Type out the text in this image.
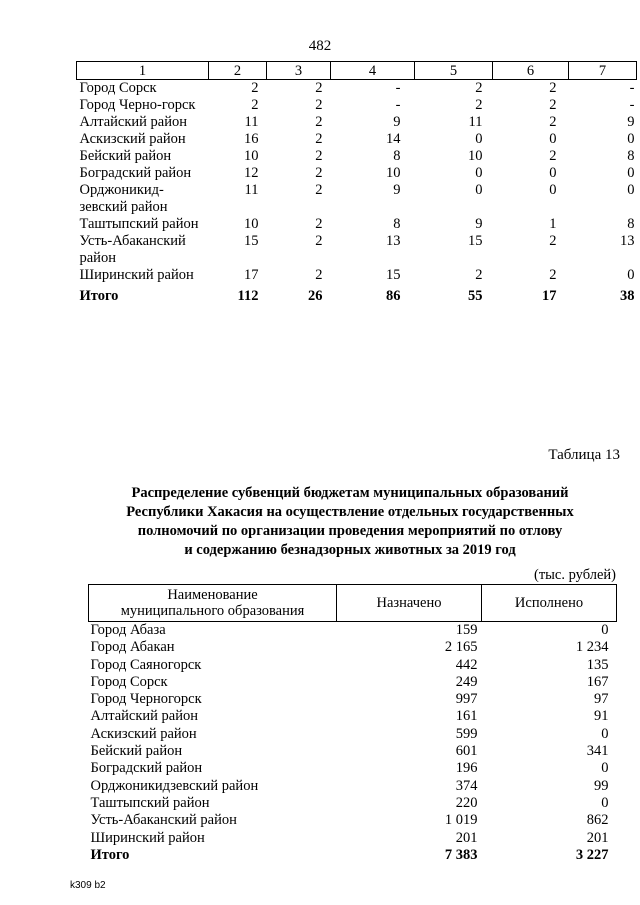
482
1	2	3	4	5	6	7
Город Сорск	2	2	-	2	2	-
Город Черно-горск	2	2	-	2	2	-
Алтайский район	11	2	9	11	2	9
Аскизский район	16	2	14	0	0	0
Бейский район	10	2	8	10	2	8
Боградский район	12	2	10	0	0	0
Орджоникид-зевский район	11	2	9	0	0	0
Таштыпский район	10	2	8	9	1	8
Усть-Абаканский район	15	2	13	15	2	13
Ширинский район	17	2	15	2	2	0
Итого	112	26	86	55	17	38
Таблица 13
Распределение субвенций бюджетам муниципальных образований
Республики Хакасия на осуществление отдельных государственных
полномочий по организации проведения мероприятий по отлову
и содержанию безнадзорных животных за 2019 год
(тыс. рублей)
Наименование
муниципального образования	Назначено	Исполнено
Город Абаза	159	0
Город Абакан	2 165	1 234
Город Саяногорск	442	135
Город Сорск	249	167
Город Черногорск	997	97
Алтайский район	161	91
Аскизский район	599	0
Бейский район	601	341
Боградский район	196	0
Орджоникидзевский район	374	99
Таштыпский район	220	0
Усть-Абаканский район	1 019	862
Ширинский район	201	201
Итого	7 383	3 227
k309 b2
